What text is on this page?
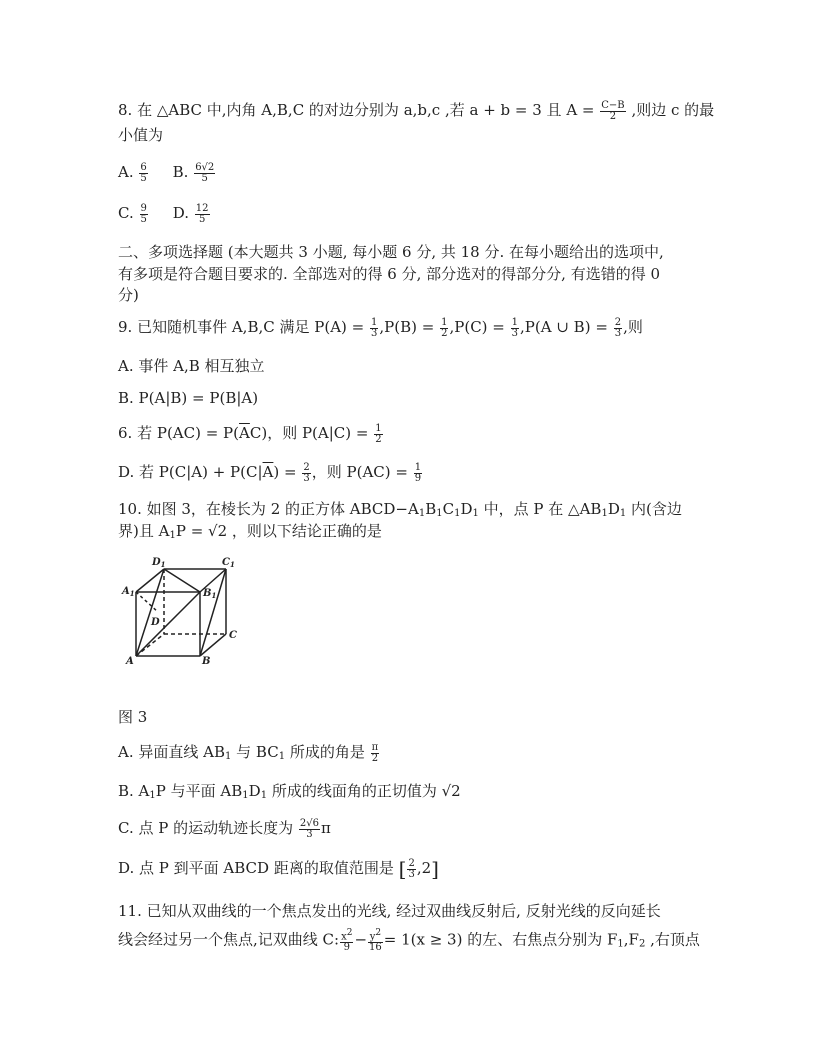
8. 在 △ABC 中,内角 A,B,C 的对边分别为 a,b,c ,若 a + b = 3 且 $A = \frac{C-B}{2}$ ,则边 c 的最
小值为
A. $\frac{6}{5} B$. $\frac{6√2}{5}$
C. $\frac{9}{5} D$. $\frac{12}{5}$
二、多项选择题 (本大题共 3 小题, 每小题 6 分, 共 18 分. 在每小题给出的选项中,
有多项是符合题目要求的. 全部选对的得 6 分, 部分选对的得部分分, 有选错的得 0
分)
9. 已知随机事件 A,B,C 满足 $P(A) = \frac{1}{3} ,P(B) = \frac{1}{2} ,P(C) = \frac{1}{3} ,P(A$ ∪ $B) = \frac{2}{3}$ ,则
A. 事件 A,B 相互独立
B. P(A|B) = P(B|A)
6. 若 $P(AC) = P(\overline{A}C)$，则 $P(A|C) = \frac{1}{2}$
D. 若 $P(C|A) + P(C|\overline{A}) = \frac{2}{3}$ ，则 $P(AC) = \frac{1}{9}$
10. 如图 3，在棱长为 2 的正方体 $ABCD-A_1B_1C_1D_1$ 中，点 P 在 $\triangle AB_1D_1$ 内(含边
界)且 $A_1P = √2$ ，则以下结论正确的是
$D_1$	$C_1$
$A_1$	$B_1$
D
C
A	B
图 3
A. 异面直线 $AB_1$ 与 $BC_1$ 所成的角是 $\frac{\pi}{2}$
B. $A_1P$ 与平面 $AB_1D_1$ 所成的线面角的正切值为 √2
C. 点 P 的运动轨迹长度为 $\frac{2√6}{3}$ π
D. 点 P 到平面 ABCD 距离的取值范围是 [ $\frac{2}{3} ,2$]
11. 已知从双曲线的一个焦点发出的光线, 经过双曲线反射后, 反射光线的反向延长
线会经过另一个焦点,记双曲线 C: $\frac{x^2}{9} - \frac{y^2}{16} = 1(x \ge 3)$ 的左、右焦点分别为 $F_1,F_2$ ,右顶点
